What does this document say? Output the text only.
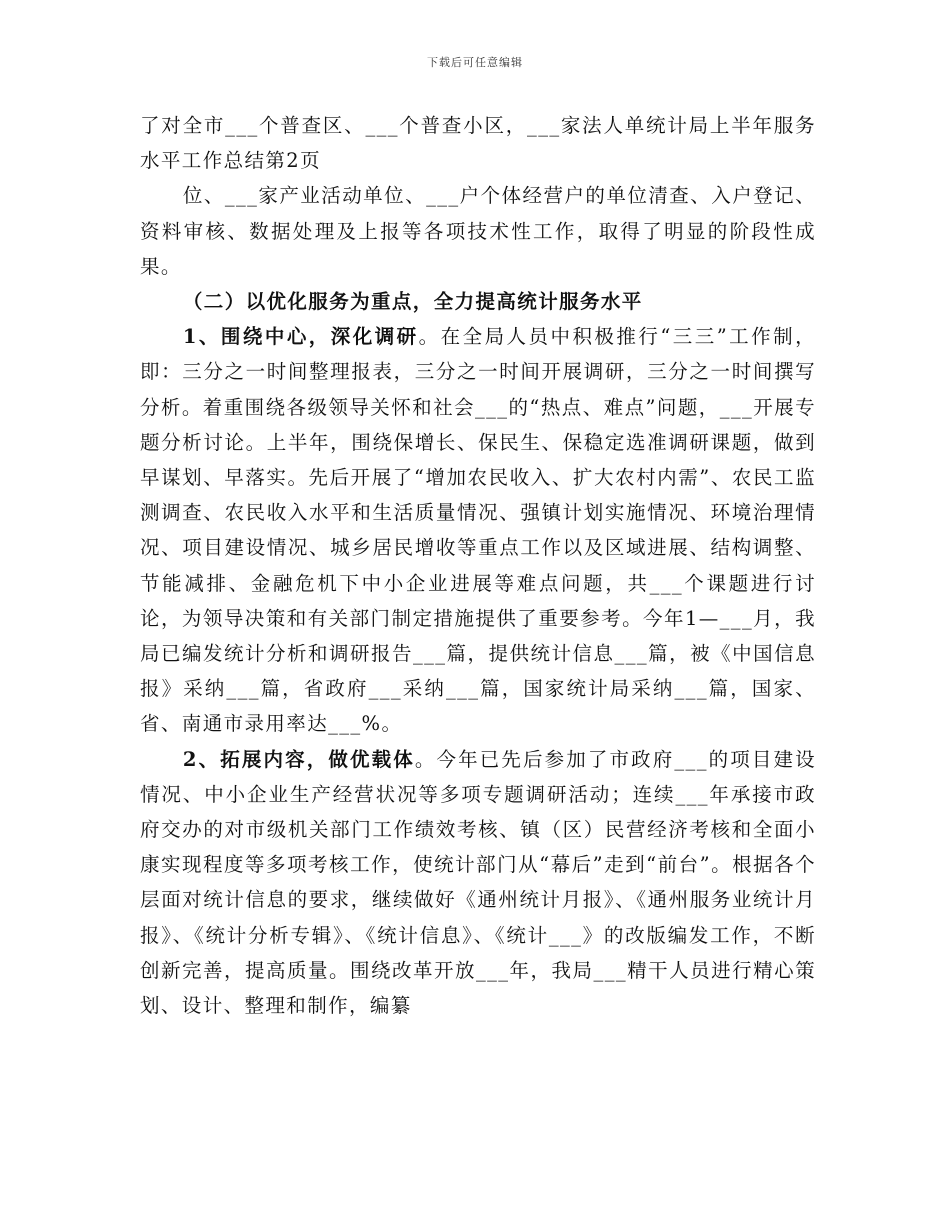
下载后可任意编辑

了对全市___个普查区、___个普查小区，___家法人单统计局上半年服务水平工作总结第2页

位、___家产业活动单位、___户个体经营户的单位清查、入户登记、资料审核、数据处理及上报等各项技术性工作，取得了明显的阶段性成果。

（二）以优化服务为重点，全力提高统计服务水平

1、围绕中心，深化调研。在全局人员中积极推行“三三”工作制，即：三分之一时间整理报表，三分之一时间开展调研，三分之一时间撰写分析。着重围绕各级领导关怀和社会___的“热点、难点”问题，___开展专题分析讨论。上半年，围绕保增长、保民生、保稳定选准调研课题，做到早谋划、早落实。先后开展了“增加农民收入、扩大农村内需”、农民工监测调查、农民收入水平和生活质量情况、强镇计划实施情况、环境治理情况、项目建设情况、城乡居民增收等重点工作以及区域进展、结构调整、节能减排、金融危机下中小企业进展等难点问题，共___个课题进行讨论，为领导决策和有关部门制定措施提供了重要参考。今年1—___月，我局已编发统计分析和调研报告___篇，提供统计信息___篇，被《中国信息报》采纳___篇，省政府___采纳___篇，国家统计局采纳___篇，国家、省、南通市录用率达___%。

2、拓展内容，做优载体。今年已先后参加了市政府___的项目建设情况、中小企业生产经营状况等多项专题调研活动；连续___年承接市政府交办的对市级机关部门工作绩效考核、镇（区）民营经济考核和全面小康实现程度等多项考核工作，使统计部门从“幕后”走到“前台”。根据各个层面对统计信息的要求，继续做好《通州统计月报》、《通州服务业统计月报》、《统计分析专辑》、《统计信息》、《统计___》的改版编发工作，不断创新完善，提高质量。围绕改革开放___年，我局___精干人员进行精心策划、设计、整理和制作，编纂
